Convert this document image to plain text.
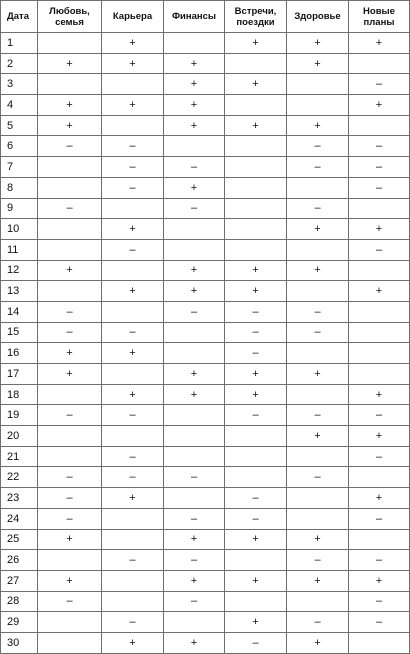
Дата	Любовь, семья	Карьера	Финансы	Встречи, поездки	Здоровье	Новые планы
1		+		+	+	+
2	+	+	+		+	
3			+	+		–
4	+	+	+			+
5	+		+	+	+	
6	–	–			–	–
7		–	–		–	–
8		–	+			–
9	–		–		–	
10		+			+	+
11		–				–
12	+		+	+	+	
13		+	+	+		+
14	–		–	–	–	
15	–	–		–	–	
16	+	+		–		
17	+		+	+	+	
18		+	+	+		+
19	–	–		–	–	–
20					+	+
21		–				–
22	–	–	–		–	
23	–	+		–		+
24	–		–	–		–
25	+		+	+	+	
26		–	–		–	–
27	+		+	+	+	+
28	–		–			–
29		–		+	–	–
30		+	+	–	+	
